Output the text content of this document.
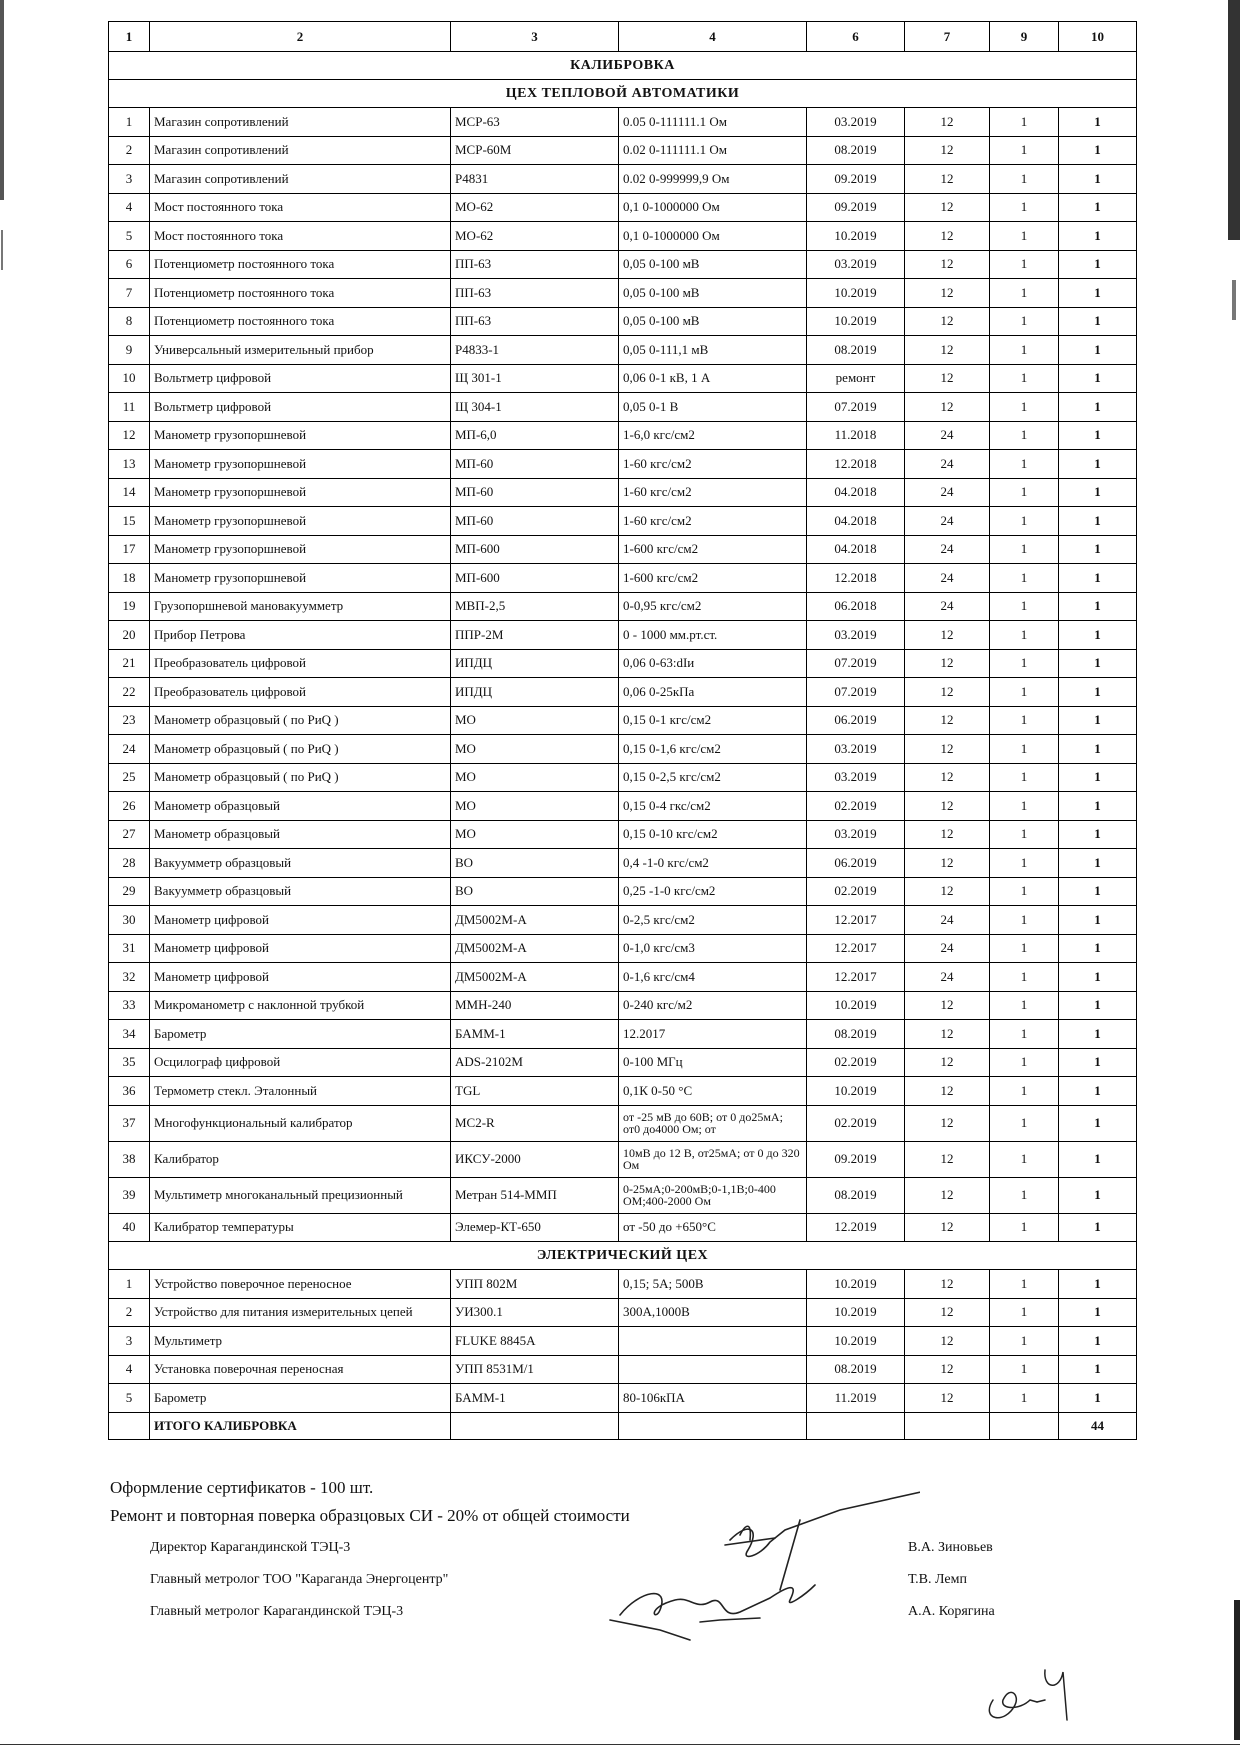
1	2	3	4	6	7	9	10
КАЛИБРОВКА							
ЦЕХ ТЕПЛОВОЙ АВТОМАТИКИ							
1	Магазин сопротивлений	МСР-63	0.05 0-111111.1 Ом	03.2019	12	1	1
2	Магазин сопротивлений	МСР-60М	0.02 0-111111.1 Ом	08.2019	12	1	1
3	Магазин сопротивлений	Р4831	0.02 0-999999,9 Ом	09.2019	12	1	1
4	Мост постоянного тока	МО-62	0,1 0-1000000 Ом	09.2019	12	1	1
5	Мост постоянного тока	МО-62	0,1 0-1000000 Ом	10.2019	12	1	1
6	Потенциометр постоянного тока	ПП-63	0,05 0-100 мВ	03.2019	12	1	1
7	Потенциометр постоянного тока	ПП-63	0,05 0-100 мВ	10.2019	12	1	1
8	Потенциометр постоянного тока	ПП-63	0,05 0-100 мВ	10.2019	12	1	1
9	Универсальный измерительный прибор	Р4833-1	0,05 0-111,1 мВ	08.2019	12	1	1
10	Вольтметр цифровой	Щ 301-1	0,06 0-1 кВ, 1 А	ремонт	12	1	1
11	Вольтметр цифровой	Щ 304-1	0,05 0-1 В	07.2019	12	1	1
12	Манометр грузопоршневой	МП-6,0	1-6,0 кгс/см2	11.2018	24	1	1
13	Манометр грузопоршневой	МП-60	1-60 кгс/см2	12.2018	24	1	1
14	Манометр грузопоршневой	МП-60	1-60 кгс/см2	04.2018	24	1	1
15	Манометр грузопоршневой	МП-60	1-60 кгс/см2	04.2018	24	1	1
17	Манометр грузопоршневой	МП-600	1-600 кгс/см2	04.2018	24	1	1
18	Манометр грузопоршневой	МП-600	1-600 кгс/см2	12.2018	24	1	1
19	Грузопоршневой мановакуумметр	МВП-2,5	0-0,95 кгс/см2	06.2018	24	1	1
20	Прибор Петрова	ППР-2М	0 - 1000 мм.рт.ст.	03.2019	12	1	1
21	Преобразователь цифровой	ИПДЦ	0,06 0-63:dIи	07.2019	12	1	1
22	Преобразователь цифровой	ИПДЦ	0,06 0-25кПа	07.2019	12	1	1
23	Манометр образцовый ( по РиQ )	МО	0,15 0-1 кгс/см2	06.2019	12	1	1
24	Манометр образцовый ( по РиQ )	МО	0,15 0-1,6 кгс/см2	03.2019	12	1	1
25	Манометр образцовый ( по РиQ )	МО	0,15 0-2,5 кгс/см2	03.2019	12	1	1
26	Манометр образцовый	МО	0,15 0-4 гкс/см2	02.2019	12	1	1
27	Манометр образцовый	МО	0,15 0-10 кгс/см2	03.2019	12	1	1
28	Вакуумметр образцовый	ВО	0,4 -1-0 кгс/см2	06.2019	12	1	1
29	Вакуумметр образцовый	ВО	0,25 -1-0 кгс/см2	02.2019	12	1	1
30	Манометр цифровой	ДМ5002М-А	0-2,5 кгс/см2	12.2017	24	1	1
31	Манометр цифровой	ДМ5002М-А	0-1,0 кгс/см3	12.2017	24	1	1
32	Манометр цифровой	ДМ5002М-А	0-1,6 кгс/см4	12.2017	24	1	1
33	Микроманометр с наклонной трубкой	ММН-240	0-240 кгс/м2	10.2019	12	1	1
34	Барометр	БАММ-1	12.2017	08.2019	12	1	1
35	Осцилограф цифровой	ADS-2102M	0-100 МГц	02.2019	12	1	1
36	Термометр стекл. Эталонный	TGL	0,1К 0-50 °С	10.2019	12	1	1
37	Многофункциональный калибратор	MC2-R	от -25 мВ до 60В; от 0 до25мА; от0 до4000 Ом; от	02.2019	12	1	1
38	Калибратор	ИКСУ-2000	10мВ до 12 В, от25мА; от 0 до 320 Ом	09.2019	12	1	1
39	Мультиметр многоканальный прецизионный	Метран 514-ММП	0-25мА;0-200мВ;0-1,1В;0-400 ОМ;400-2000 Ом	08.2019	12	1	1
40	Калибратор температуры	Элемер-КТ-650	от -50 до +650°С	12.2019	12	1	1
ЭЛЕКТРИЧЕСКИЙ ЦЕХ							
1	Устройство поверочное переносное	УПП 802М	0,15; 5А; 500В	10.2019	12	1	1
2	Устройство для питания измерительных цепей	УИ300.1	300А,1000В	10.2019	12	1	1
3	Мультиметр	FLUKE 8845A		10.2019	12	1	1
4	Установка поверочная переносная	УПП 8531М/1		08.2019	12	1	1
5	Барометр	БАММ-1	80-106кПА	11.2019	12	1	1
	ИТОГО КАЛИБРОВКА						44
Оформление сертификатов - 100 шт.
Ремонт и повторная поверка образцовых СИ - 20% от общей стоимости
Директор Карагандинской ТЭЦ-3
Главный метролог ТОО "Караганда Энергоцентр"
Главный метролог Карагандинской ТЭЦ-3
В.А. Зиновьев
Т.В. Лемп
А.А. Корягина
